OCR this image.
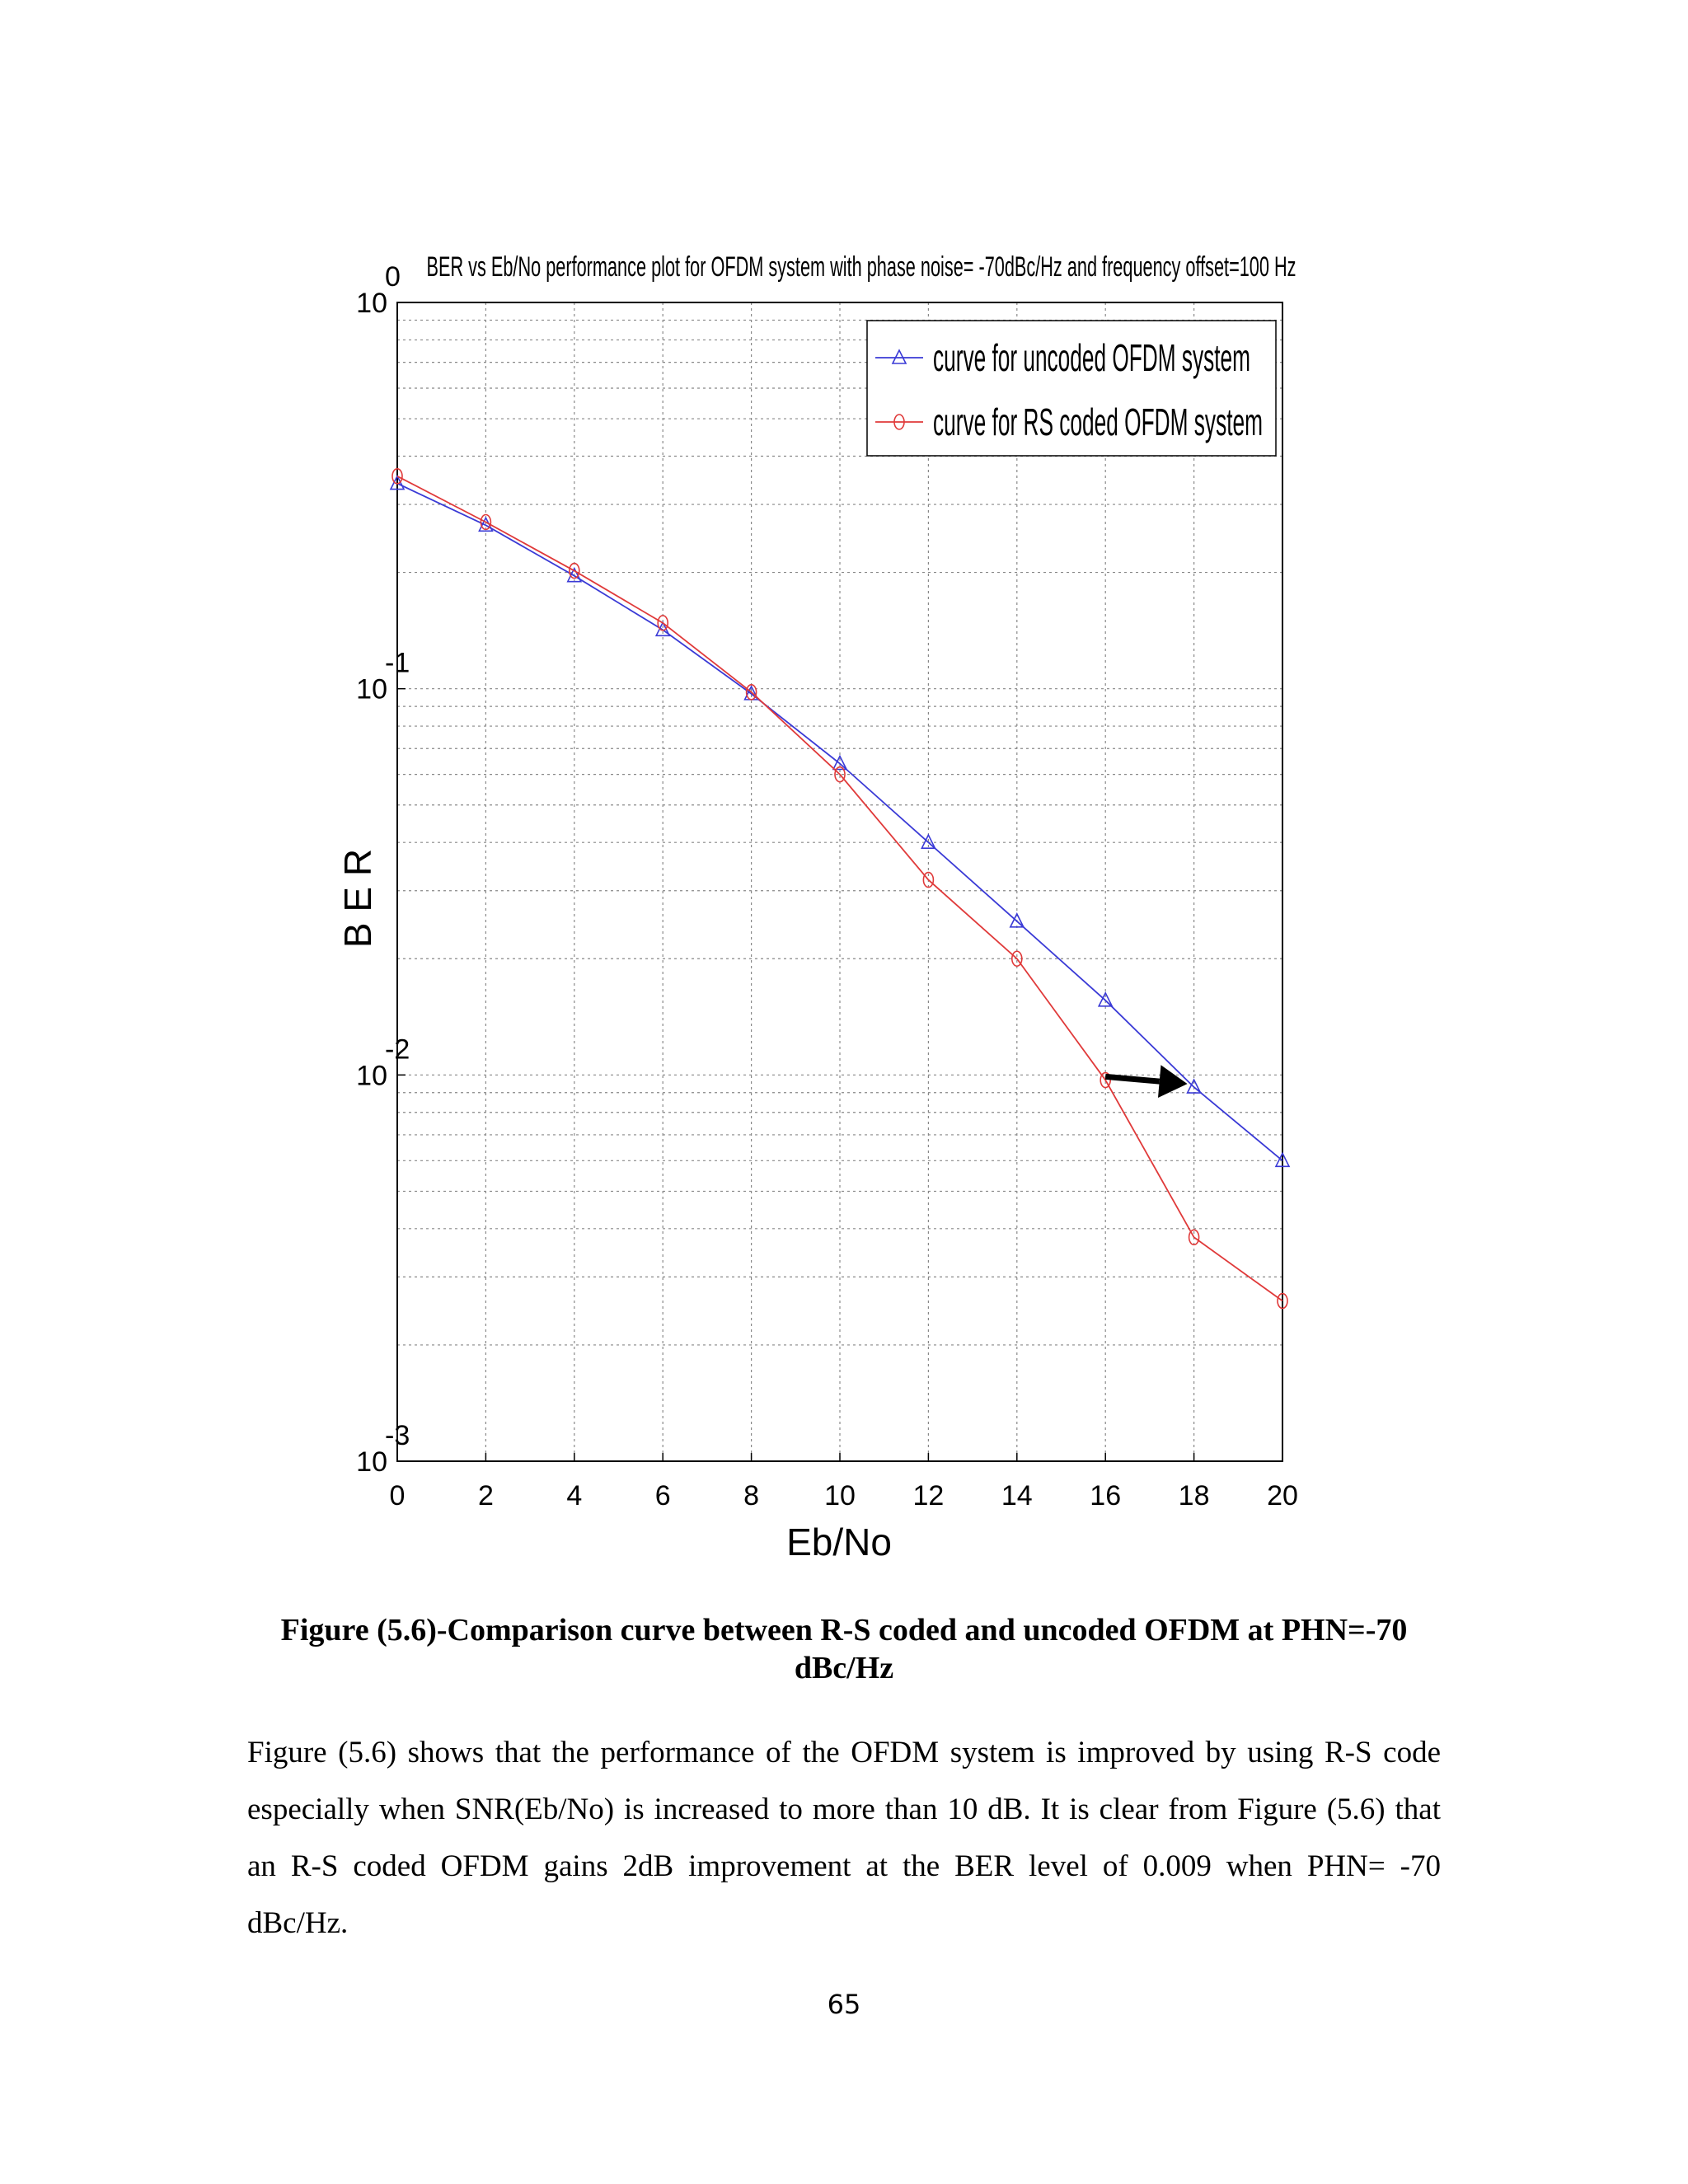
BER vs Eb/No performance plot for OFDM system with phase noise= -70dBc/Hz and frequency offset=100 Hz
10
0
10
-1
10
-2
10
-3
0	2	4	6	8 10 12 14 16 18 20
curve for uncoded OFDM system
curve for RS coded OFDM system
B E R
Eb/No
Figure (5.6)-Comparison curve between R-S coded and uncoded OFDM at PHN=-70 dBc/Hz
Figure (5.6) shows that the performance of the OFDM system is improved by using R-S code especially when SNR(Eb/No) is increased to more than 10 dB. It is clear from Figure (5.6) that an R-S coded OFDM gains 2dB improvement at the BER level of 0.009 when PHN= -70 dBc/Hz.
65
